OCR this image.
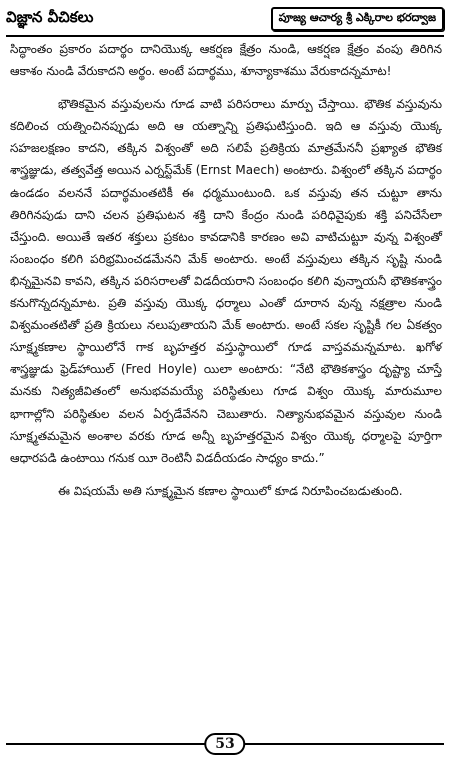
విజ్ఞాన వీచికలు	పూజ్య ఆచార్య శ్రీ ఎక్కిరాల భరద్వాజ

సిద్ధాంతం ప్రకారం పదార్థం దానియొక్క ఆకర్షణ క్షేత్రం నుండి, ఆకర్షణ క్షేత్రం వంపు తిరిగిన ఆకాశం నుండి వేరుకాదని అర్థం. అంటే పదార్థము, శూన్యాకాశము వేరుకాదన్నమాట!

భౌతికమైన వస్తువులను గూడ వాటి పరిసరాలు మార్పు చేస్తాయి. భౌతిక వస్తువును కదిలించ యత్నించినప్పుడు అది ఆ యత్నాన్ని ప్రతిఘటిస్తుంది. ఇది ఆ వస్తువు యొక్క సహజలక్షణం కాదని, తక్కిన విశ్వంతో అది సలిపే ప్రతిక్రియ మాత్రమేననీ ప్రఖ్యాత భౌతిక శాస్త్రజ్ఞుడు, తత్వవేత్త అయిన ఎర్నస్ట్‌మేక్ (Ernst Maech) అంటారు. విశ్వంలో తక్కిన పదార్థం ఉండడం వలననే పదార్థమంతటికీ ఈ ధర్మముంటుంది. ఒక వస్తువు తన చుట్టూ తాను తిరిగినపుడు దాని చలన ప్రతిఘటన శక్తి దాని కేంద్రం నుండి పరిధివైపుకు శక్తి పనిచేసేలా చేస్తుంది. అయితే ఇతర శక్తులు ప్రకటం కావడానికి కారణం అవి వాటిచుట్టూ వున్న విశ్వంతో సంబంధం కలిగి పరిభ్రమించడమేనని మేక్ అంటారు. అంటే వస్తువులు తక్కిన సృష్టి నుండి భిన్నమైనవి కావని, తక్కిన పరిసరాలతో విడదీయరాని సంబంధం కలిగి వున్నాయనీ భౌతికశాస్త్రం కనుగొన్నదన్నమాట. ప్రతి వస్తువు యొక్క ధర్మాలు ఎంతో దూరాన వున్న నక్షత్రాల నుండి విశ్వమంతటితో ప్రతి క్రియలు నలుపుతాయని మేక్ అంటారు. అంటే సకల సృష్టికీ గల ఏకత్వం సూక్ష్మకణాల స్థాయిలోనే గాక బృహత్తర వస్తుస్థాయిలో గూడ వాస్తవమన్నమాట. ఖగోళ శాస్త్రజ్ఞుడు ఫ్రెడ్‌హాయిల్ (Fred Hoyle) యిలా అంటారు: “నేటి భౌతికశాస్త్రం దృష్ట్యా చూస్తే మనకు నిత్యజీవితంలో అనుభవమయ్యే పరిస్థితులు గూడ విశ్వం యొక్క మారుమూల భాగాల్లోని పరిస్థితుల వలన ఏర్పడేవేనని చెబుతారు. నిత్యానుభవమైన వస్తువుల నుండి సూక్ష్మతమమైన అంశాల వరకు గూడ అన్నీ బృహత్తరమైన విశ్వం యొక్క ధర్మాలపై పూర్తిగా ఆధారపడి ఉంటాయి గనుక యీ రెంటినీ విడదీయడం సాధ్యం కాదు.”

ఈ విషయమే అతి సూక్ష్మమైన కణాల స్థాయిలో కూడ నిరూపించబడుతుంది.

53
